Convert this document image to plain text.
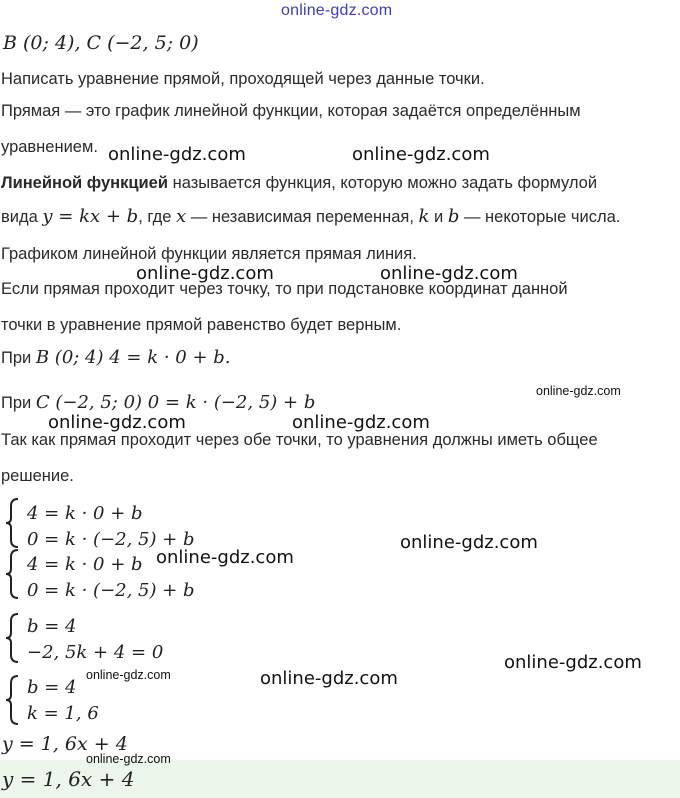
online-gdz.com
B (0; 4), C (−2, 5; 0)
Написать уравнение прямой, проходящей через данные точки.
Прямая — это график линейной функции, которая задаётся определённым
уравнением.
Линейной функцией называется функция, которую можно задать формулой
вида y = kx + b, где x — независимая переменная, k и b — некоторые числа.
Графиком линейной функции является прямая линия.
Если прямая проходит через точку, то при подстановке координат данной
точки в уравнение прямой равенство будет верным.
При B (0; 4) 4 = k · 0 + b.
При C (−2, 5; 0) 0 = k · (−2, 5) + b
Так как прямая проходит через обе точки, то уравнения должны иметь общее
решение.
4 = k · 0 + b
0 = k · (−2, 5) + b
4 = k · 0 + b
0 = k · (−2, 5) + b
b = 4
−2, 5k + 4 = 0
b = 4
k = 1, 6
y = 1, 6x + 4
y = 1, 6x + 4
online-gdz.com	online-gdz.com
online-gdz.com	online-gdz.com
online-gdz.com
online-gdz.com	online-gdz.com
online-gdz.com
online-gdz.com
online-gdz.com
online-gdz.com	online-gdz.com
online-gdz.com
